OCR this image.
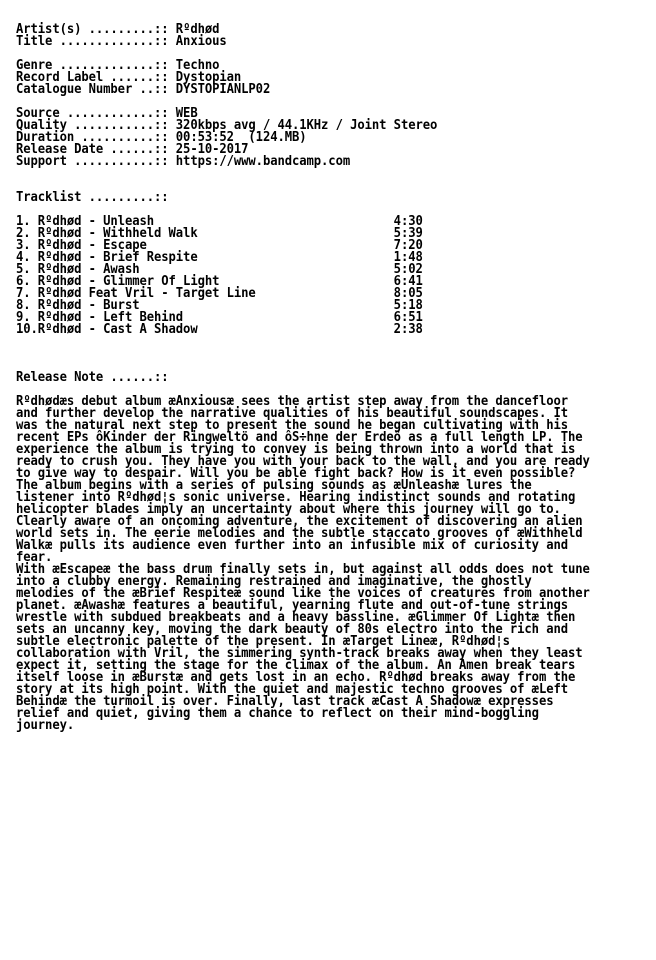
Artist(s) .........:: Rºdhød
Title .............:: Anxious

Genre .............:: Techno
Record Label ......:: Dystopian
Catalogue Number ..:: DYSTOPIANLP02

Source ............:: WEB
Quality ...........:: 320kbps avg / 44.1KHz / Joint Stereo
Duration ..........:: 00:53:52  (124.MB)
Release Date ......:: 25-10-2017
Support ...........:: https://www.bandcamp.com

Tracklist .........::

1. Rºdhød - Unleash                                 4:30
2. Rºdhød - Withheld Walk                           5:39
3. Rºdhød - Escape                                  7:20
4. Rºdhød - Brief Respite                           1:48
5. Rºdhød - Awash                                   5:02
6. Rºdhød - Glimmer Of Light                        6:41
7. Rºdhød Feat Vril - Target Line                   8:05
8. Rºdhød - Burst                                   5:18
9. Rºdhød - Left Behind                             6:51
10.Rºdhød - Cast A Shadow                           2:38

Release Note ......::

Rºdhødӕs debut album ӕAnxiousӕ sees the artist step away from the dancefloor
and further develop the narrative qualities of his beautiful soundscapes. It
was the natural next step to present the sound he began cultivating with his
recent EPs ôKinder der Ringweltö and ôS÷hne der Erdeö as a full length LP. The
experience the album is trying to convey is being thrown into a world that is
ready to crush you. They have you with your back to the wall, and you are ready
to give way to despair. Will you be able fight back? How is it even possible?
The album begins with a series of pulsing sounds as ӕUnleashӕ lures the
listener into Rºdhød¦s sonic universe. Hearing indistinct sounds and rotating
helicopter blades imply an uncertainty about where this journey will go to.
Clearly aware of an oncoming adventure, the excitement of discovering an alien
world sets in. The eerie melodies and the subtle staccato grooves of ӕWithheld
Walkӕ pulls its audience even further into an infusible mix of curiosity and
fear.
With ӕEscapeӕ the bass drum finally sets in, but against all odds does not tune
into a clubby energy. Remaining restrained and imaginative, the ghostly
melodies of the ӕBrief Respiteӕ sound like the voices of creatures from another
planet. ӕAwashӕ features a beautiful, yearning flute and out-of-tune strings
wrestle with subdued breakbeats and a heavy bassline. ӕGlimmer Of Lightӕ then
sets an uncanny key, moving the dark beauty of 80s electro into the rich and
subtle electronic palette of the present. In ӕTarget Lineӕ, Rºdhød¦s
collaboration with Vril, the simmering synth-track breaks away when they least
expect it, setting the stage for the climax of the album. An Amen break tears
itself loose in ӕBurstӕ and gets lost in an echo. Rºdhød breaks away from the
story at its high point. With the quiet and majestic techno grooves of ӕLeft
Behindӕ the turmoil is over. Finally, last track ӕCast A Shadowӕ expresses
relief and quiet, giving them a chance to reflect on their mind-boggling
journey.
